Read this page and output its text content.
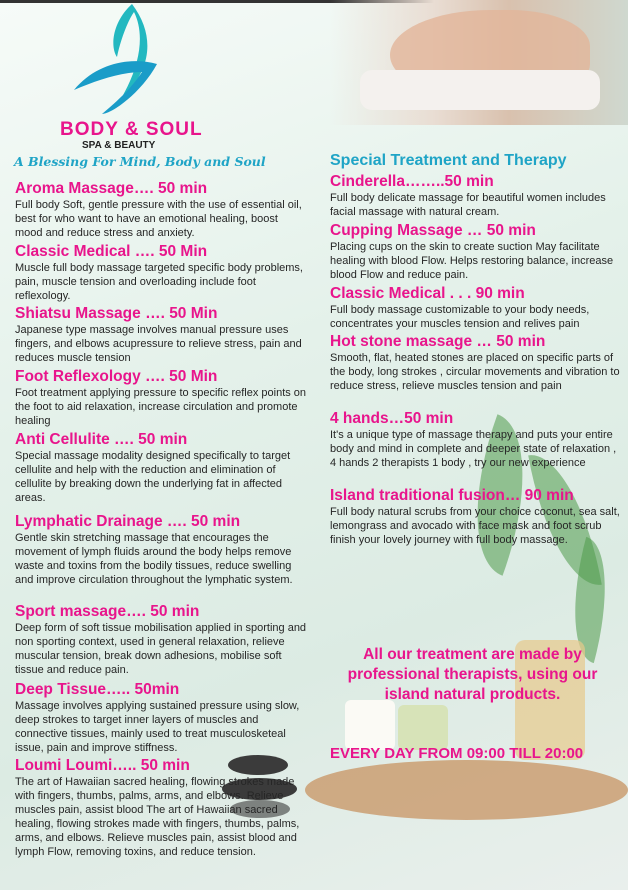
BODY & SOUL
SPA & BEAUTY
A Blessing For Mind, Body and Soul	Special Treatment and Therapy
All our treatment are made by professional therapists, using our island natural products.
EVERY DAY FROM 09:00 TILL 20:00
Aroma Massage…. 50 min

Full body Soft, gentle pressure with the use of essential oil, best for who want to have an emotional healing, boost mood and reduce stress and anxiety.

Classic Medical …. 50 Min

Muscle full body massage targeted specific body problems, pain, muscle tension and overloading include foot reflexology.

Shiatsu Massage …. 50 Min

Japanese type massage involves manual pressure uses fingers, and elbows acupressure to relieve stress, pain and reduces muscle tension

Foot Reflexology …. 50 Min

Foot treatment applying pressure to specific reflex points on the foot to aid relaxation, increase circulation and promote healing

Anti Cellulite …. 50 min

Special massage modality designed specifically to target cellulite and help with the reduction and elimination of cellulite by breaking down the underlying fat in affected areas.

Lymphatic Drainage …. 50 min

Gentle skin stretching massage that encourages the movement of lymph fluids around the body helps remove waste and toxins from the bodily tissues, reduce swelling and improve circulation throughout the lymphatic system.

Sport massage…. 50 min

Deep form of soft tissue mobilisation applied in sporting and non sporting context, used in general relaxation, relieve muscular tension, break down adhesions, mobilise soft tissue and reduce pain.

Deep Tissue….. 50min

Massage involves applying sustained pressure using slow, deep strokes to target inner layers of muscles and connective tissues, mainly used to treat musculosketeal issue, pain and improve stiffness.

Loumi Loumi….. 50 min

The art of Hawaiian sacred healing, flowing strokes made with fingers, thumbs, palms, arms, and elbows. Relieve muscles pain, assist blood The art of Hawaiian sacred healing, flowing strokes made with fingers, thumbs, palms, arms, and elbows. Relieve muscles pain, assist blood and lymph Flow, removing toxins, and reduce tension.

Cinderella……..50 min

Full body delicate massage for beautiful women includes facial massage with natural cream.

Cupping Massage … 50 min

Placing cups on the skin to create suction May facilitate healing with blood Flow. Helps restoring balance, increase blood Flow and reduce pain.

Classic Medical . . . 90 min

Full body massage customizable to your body needs, concentrates your muscles tension and relives pain

Hot stone massage … 50 min

Smooth, flat, heated stones are placed on specific parts of the body, long strokes , circular movements and vibration to reduce stress, relieve muscles tension and pain

4 hands…50 min

It's a unique type of massage therapy and puts your entire body and mind in complete and deeper state of relaxation , 4 hands 2 therapists 1 body , try our new experience

Island traditional fusion… 90 min

Full body natural scrubs from your choice coconut, sea salt, lemongrass and avocado with face mask and foot scrub finish your lovely journey with full body massage.
